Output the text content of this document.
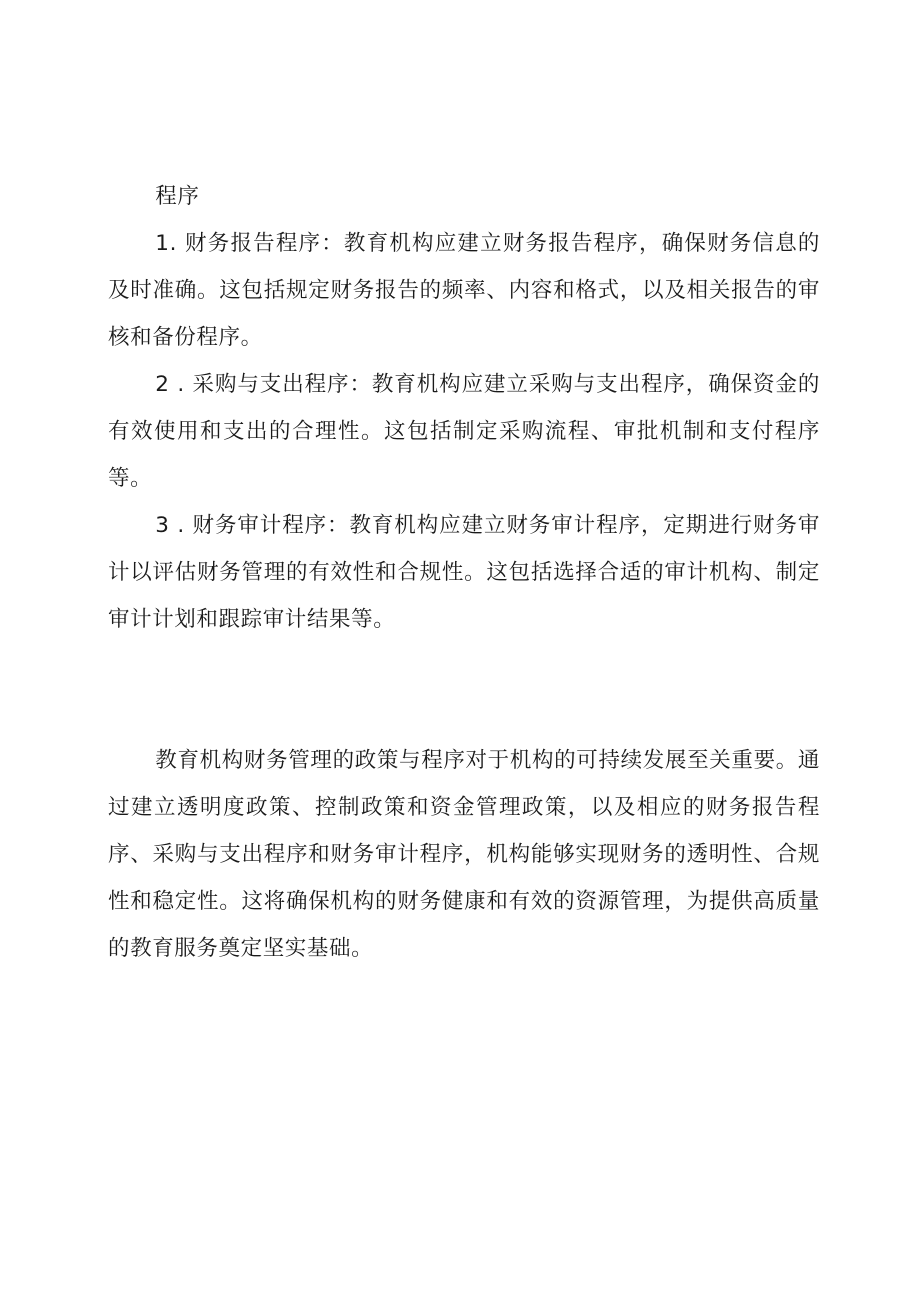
程序

1. 财务报告程序：教育机构应建立财务报告程序，确保财务信息的及时准确。这包括规定财务报告的频率、内容和格式，以及相关报告的审核和备份程序。

2 . 采购与支出程序：教育机构应建立采购与支出程序，确保资金的有效使用和支出的合理性。这包括制定采购流程、审批机制和支付程序等。

3 . 财务审计程序：教育机构应建立财务审计程序，定期进行财务审计以评估财务管理的有效性和合规性。这包括选择合适的审计机构、制定审计计划和跟踪审计结果等。

教育机构财务管理的政策与程序对于机构的可持续发展至关重要。通过建立透明度政策、控制政策和资金管理政策，以及相应的财务报告程序、采购与支出程序和财务审计程序，机构能够实现财务的透明性、合规性和稳定性。这将确保机构的财务健康和有效的资源管理，为提供高质量的教育服务奠定坚实基础。
